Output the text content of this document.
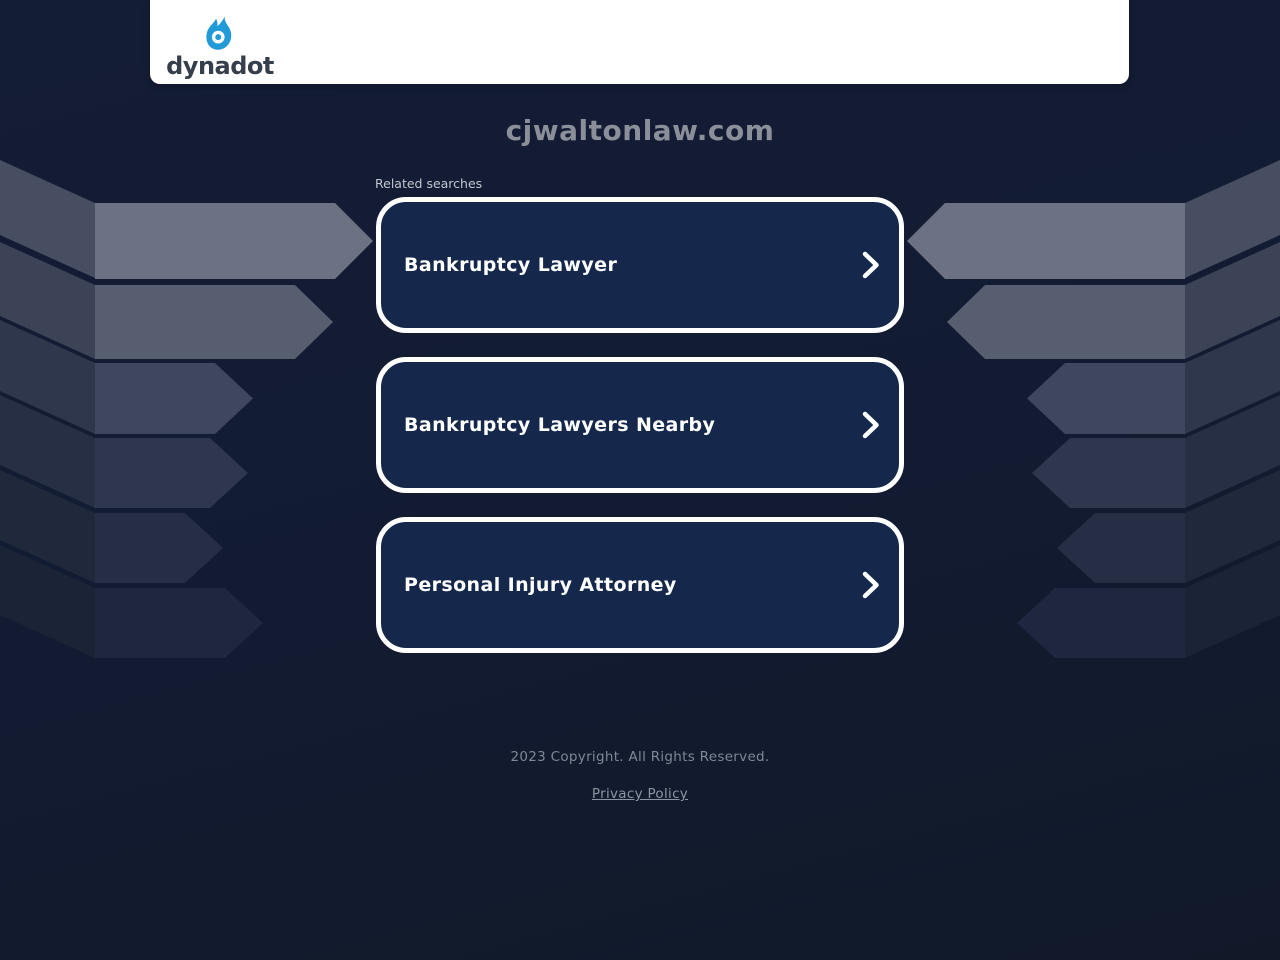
dynadot
cjwaltonlaw.com
Related searches
Bankruptcy Lawyer
Bankruptcy Lawyers Nearby
Personal Injury Attorney
2023 Copyright. All Rights Reserved.
Privacy Policy
